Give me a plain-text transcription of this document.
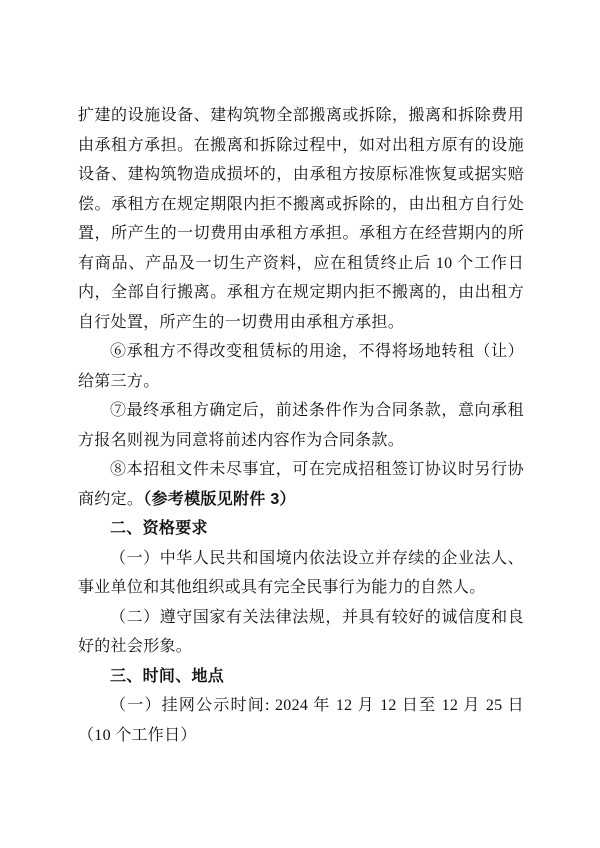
扩建的设施设备、建构筑物全部搬离或拆除，搬离和拆除费用由承租方承担。在搬离和拆除过程中，如对出租方原有的设施设备、建构筑物造成损坏的，由承租方按原标准恢复或据实赔偿。承租方在规定期限内拒不搬离或拆除的，由出租方自行处置，所产生的一切费用由承租方承担。承租方在经营期内的所有商品、产品及一切生产资料，应在租赁终止后 10 个工作日内，全部自行搬离。承租方在规定期内拒不搬离的，由出租方自行处置，所产生的一切费用由承租方承担。

⑥承租方不得改变租赁标的用途，不得将场地转租（让）给第三方。

⑦最终承租方确定后，前述条件作为合同条款，意向承租方报名则视为同意将前述内容作为合同条款。

⑧本招租文件未尽事宜，可在完成招租签订协议时另行协商约定。（参考模版见附件 3）

二、资格要求

（一）中华人民共和国境内依法设立并存续的企业法人、事业单位和其他组织或具有完全民事行为能力的自然人。

（二）遵守国家有关法律法规，并具有较好的诚信度和良好的社会形象。

三、时间、地点

（一）挂网公示时间: 2024 年 12 月 12 日至 12 月 25 日（10 个工作日）
